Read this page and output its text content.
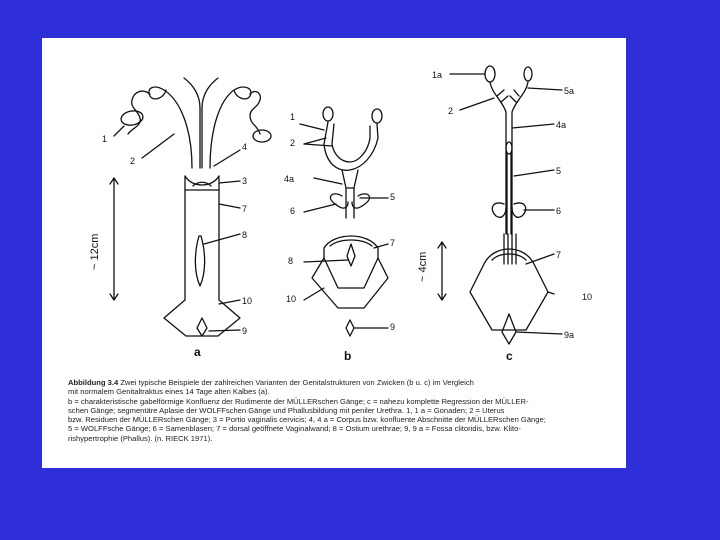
1
2
4
3
7
8
10
9
a
~ 12cm
1
2
4a
5
6
7
8
10
9
b
1a
2
5a
4a
5
6
7
10
9a
c
~ 4cm
Abbildung 3.4 Zwei typische Beispiele der zahlreichen Varianten der Genitalstrukturen von Zwicken (b u. c) im Vergleich
mit normalem Genitaltraktus eines 14 Tage alten Kalbes (a).
b = charakteristische gabelförmige Konfluenz der Rudimente der MÜLLERschen Gänge; c = nahezu komplette Regression der MÜLLER-
schen Gänge; segmentäre Aplasie der WOLFFschen Gänge und Phallusbildung mit peniler Urethra. 1, 1 a = Gonaden; 2 = Uterus
bzw. Residuen der MÜLLERschen Gänge; 3 = Portio vaginalis cervicis; 4, 4 a = Corpus bzw. konfluente Abschnitte der MÜLLERschen Gänge;
5 = WOLFFsche Gänge; 6 = Samenblasen; 7 = dorsal geöffnete Vaginalwand; 8 = Ostium urethrae; 9, 9 a = Fossa clitoridis, bzw. Klito-
rishypertrophie (Phallus). (n. RIECK 1971).
